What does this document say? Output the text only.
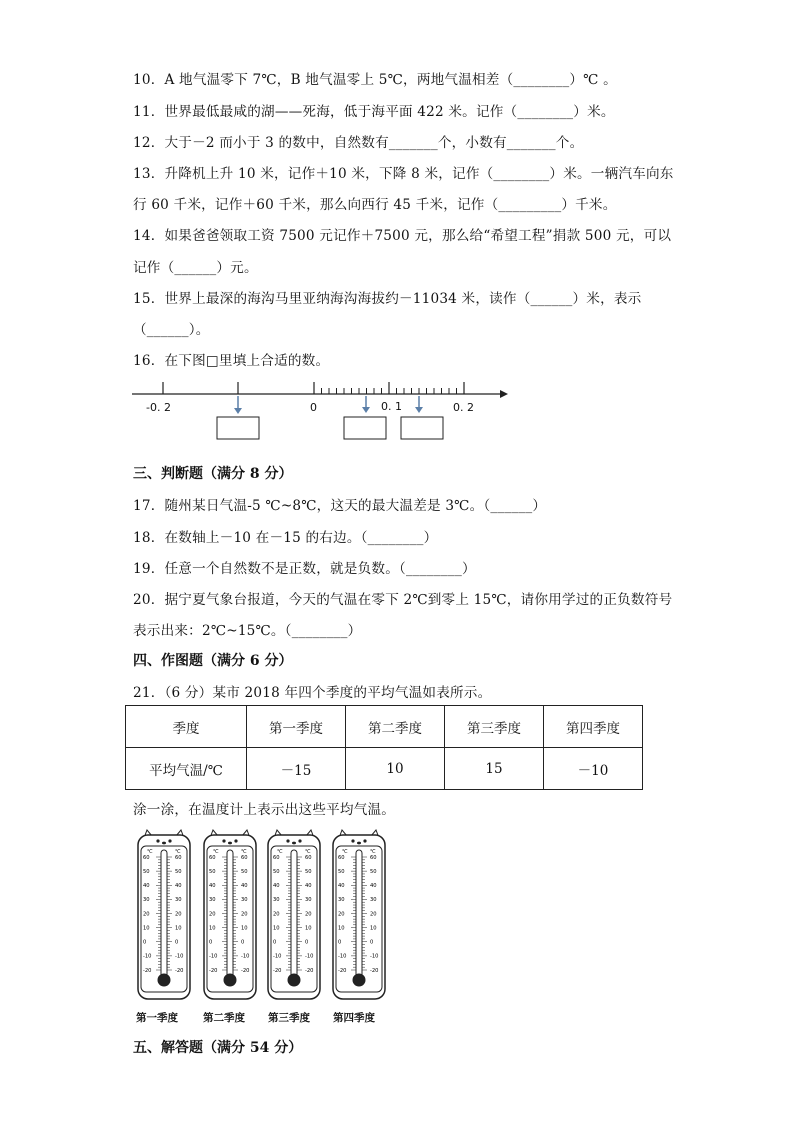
10．A 地气温零下 7℃，B 地气温零上 5℃，两地气温相差（________）℃ 。
11．世界最低最咸的湖——死海，低于海平面 422 米。记作（________）米。
12．大于－2 而小于 3 的数中，自然数有_______个，小数有_______个。
13．升降机上升 10 米，记作＋10 米，下降 8 米，记作（________）米。一辆汽车向东
行 60 千米，记作＋60 千米，那么向西行 45 千米，记作（_________）千米。
14．如果爸爸领取工资 7500 元记作＋7500 元，那么给“希望工程”捐款 500 元，可以
记作（______）元。
15．世界上最深的海沟马里亚纳海沟海拔约－11034 米，读作（______）米，表示
（______）。
16．在下图□里填上合适的数。
-0. 2	0	0. 1	0. 2
三、判断题（满分 8 分）
17．随州某日气温-5 ℃~8℃，这天的最大温差是 3℃。（______）
18．在数轴上－10 在－15 的右边。（________）
19．任意一个自然数不是正数，就是负数。（________）
20．据宁夏气象台报道，今天的气温在零下 2℃到零上 15℃，请你用学过的正负数符号
表示出来：2℃~15℃。（________）
四、作图题（满分 6 分）
21．（6 分）某市 2018 年四个季度的平均气温如表所示。
季度	第一季度	第二季度	第三季度	第四季度
平均气温/℃	－15	10	15	－10
涂一涂，在温度计上表示出这些平均气温。
℃	℃
60	60
50	50
40	40
30	30
20	20
10	10
0	0
-10	-10
-20	-20
℃	℃
60	60
50	50
40	40
30	30
20	20
10	10
0	0
-10	-10
-20	-20
℃	℃
60	60
50	50
40	40
30	30
20	20
10	10
0	0
-10	-10
-20	-20
℃	℃
60	60
50	50
40	40
30	30
20	20
10	10
0	0
-10	-10
-20	-20
第一季度 第二季度 第三季度 第四季度
五、解答题（满分 54 分）
